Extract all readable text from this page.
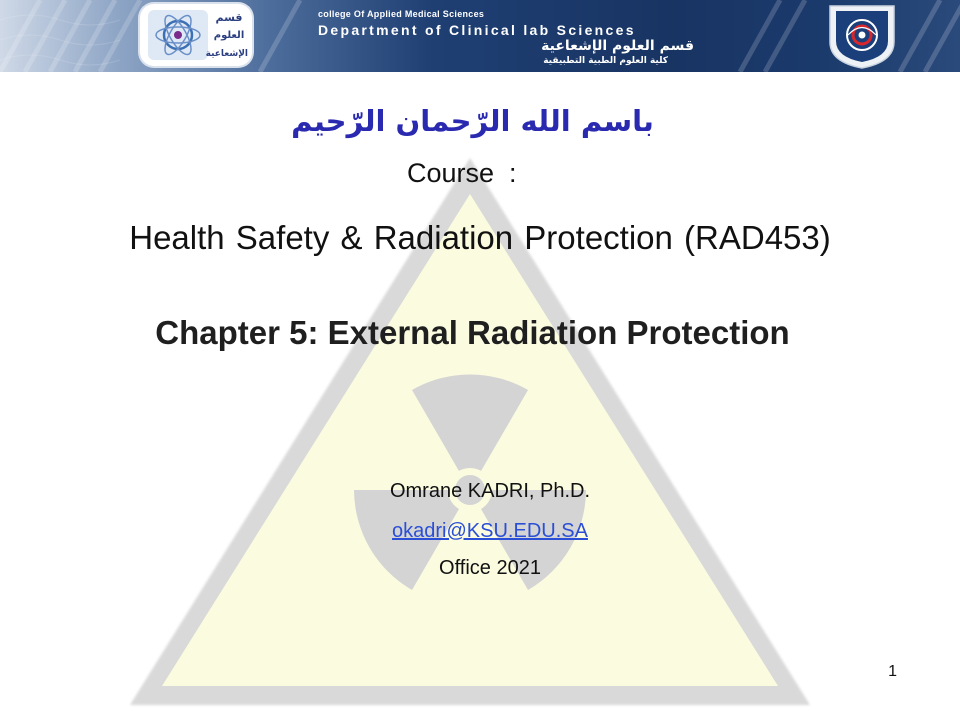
قسم
العلوم
الإشعاعية
college Of Applied Medical Sciences
Department of Clinical lab Sciences
قسم العلوم الإشعاعية
كلية العلوم الطبية التطبيقية
باسم الله الرّحمان الرّحيم
Course  :
Health Safety & Radiation Protection (RAD453)
Chapter 5: External Radiation Protection
Omrane KADRI, Ph.D.
okadri@KSU.EDU.SA
Office 2021
1
